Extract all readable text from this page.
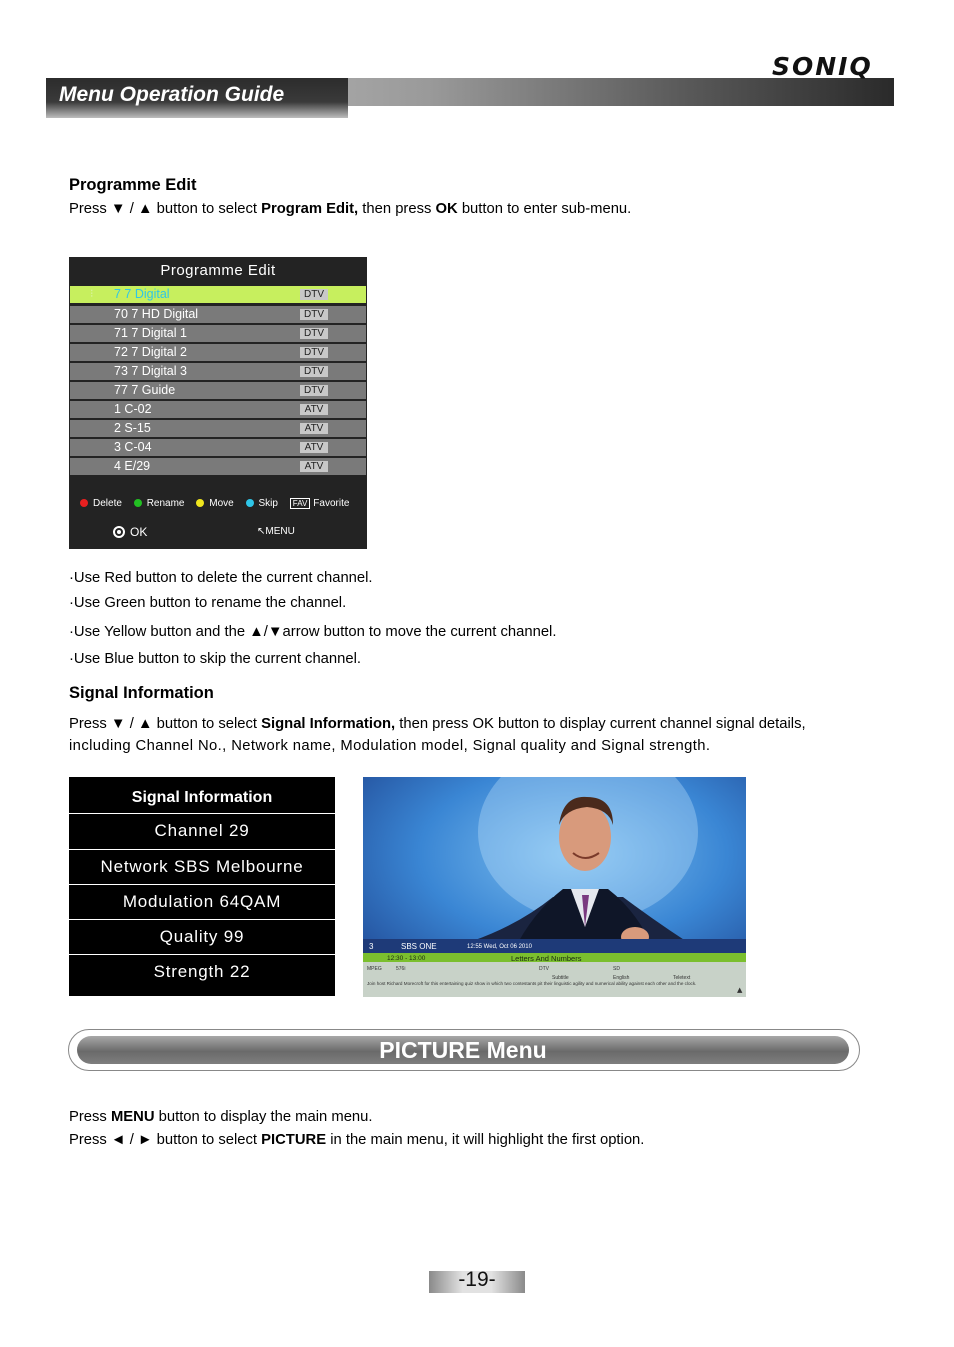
Menu Operation Guide
SONIQ
Programme Edit
Press ▼ / ▲ button to select Program Edit, then press OK button to enter sub-menu.
Programme Edit
⁝ 7 7 Digital	DTV
70 7 HD Digital	DTV
71 7 Digital 1	DTV
72 7 Digital 2	DTV
73 7 Digital 3	DTV
77 7 Guide	DTV
1 C-02	ATV
2 S-15	ATV
3 C-04	ATV
4 E/29	ATV
Delete Rename Move Skip FAV Favorite
OK	↖MENU
·Use Red button to delete the current channel.
·Use Green button to rename the channel.
·Use Yellow button and the ▲/▼arrow button to move the current channel.
·Use Blue button to skip the current channel.
Signal Information
Press ▼ / ▲ button to select Signal Information, then press OK button to display current channel signal details,
including Channel No., Network name, Modulation model, Signal quality and Signal strength.
Signal Information
Channel 29
Network SBS Melbourne
Modulation 64QAM
Quality 99
Strength 22
3	SBS ONE	12:55 Wed, Oct 06 2010
12:30 - 13:00	Letters And Numbers
MPEG	576i	DTV
Subtitle
SD
English	Teletext
Join host Richard Morecroft for this entertaining quiz show in which two contestants pit their linguistic agility and numerical ability against each other and the clock.
▲
PICTURE Menu
Press MENU button to display the main menu.
Press ◄ / ► button to select PICTURE in the main menu, it will highlight the first option.
-19-
